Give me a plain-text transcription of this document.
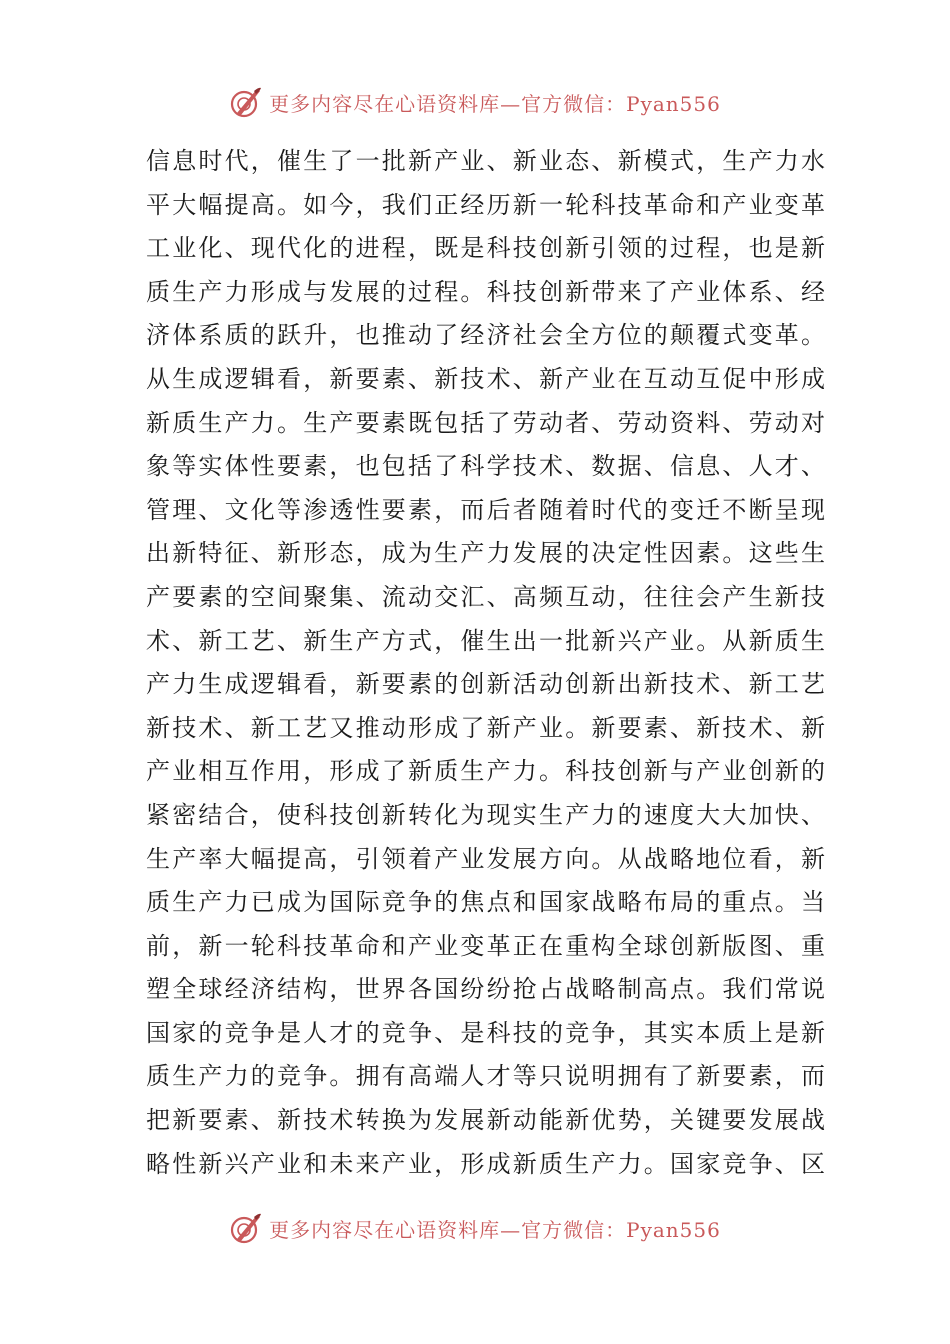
更多内容尽在心语资料库—官方微信：Pyan556
信息时代，催生了一批新产业、新业态、新模式，生产力水
平大幅提高。如今，我们正经历新一轮科技革命和产业变革
工业化、现代化的进程，既是科技创新引领的过程，也是新
质生产力形成与发展的过程。科技创新带来了产业体系、经
济体系质的跃升，也推动了经济社会全方位的颠覆式变革。
从生成逻辑看，新要素、新技术、新产业在互动互促中形成
新质生产力。生产要素既包括了劳动者、劳动资料、劳动对
象等实体性要素，也包括了科学技术、数据、信息、人才、
管理、文化等渗透性要素，而后者随着时代的变迁不断呈现
出新特征、新形态，成为生产力发展的决定性因素。这些生
产要素的空间聚集、流动交汇、高频互动，往往会产生新技
术、新工艺、新生产方式，催生出一批新兴产业。从新质生
产力生成逻辑看，新要素的创新活动创新出新技术、新工艺
新技术、新工艺又推动形成了新产业。新要素、新技术、新
产业相互作用，形成了新质生产力。科技创新与产业创新的
紧密结合，使科技创新转化为现实生产力的速度大大加快、
生产率大幅提高，引领着产业发展方向。从战略地位看，新
质生产力已成为国际竞争的焦点和国家战略布局的重点。当
前，新一轮科技革命和产业变革正在重构全球创新版图、重
塑全球经济结构，世界各国纷纷抢占战略制高点。我们常说
国家的竞争是人才的竞争、是科技的竞争，其实本质上是新
质生产力的竞争。拥有高端人才等只说明拥有了新要素，而
把新要素、新技术转换为发展新动能新优势，关键要发展战
略性新兴产业和未来产业，形成新质生产力。国家竞争、区
更多内容尽在心语资料库—官方微信：Pyan556
